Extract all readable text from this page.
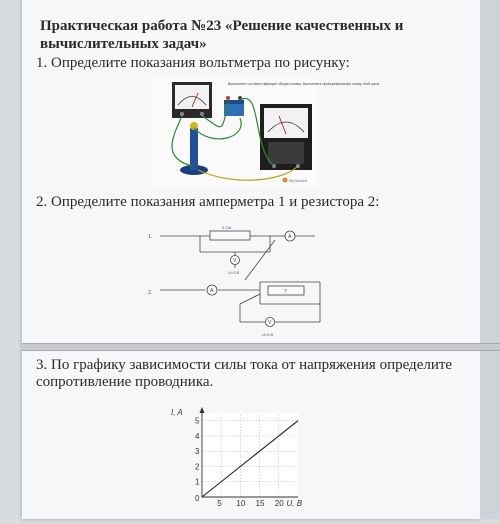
Практическая работа №23 «Решение качественных и вычислительных задач»
1. Определите показания вольтметра по рисунку:
Выполните соответствующие сборки схемы. Выполните принципиальную схему этой цепи
MyShared
2. Определите показания амперметра 1 и резистора 2:
1.
3 Ом
A
V
U=3 В
2.	A	?
V
U=5 В
3. По графику зависимости силы тока от напряжения определите сопротивление проводника.
5 10 15 20
1
2
3
4
5
I, A
U, В
0
